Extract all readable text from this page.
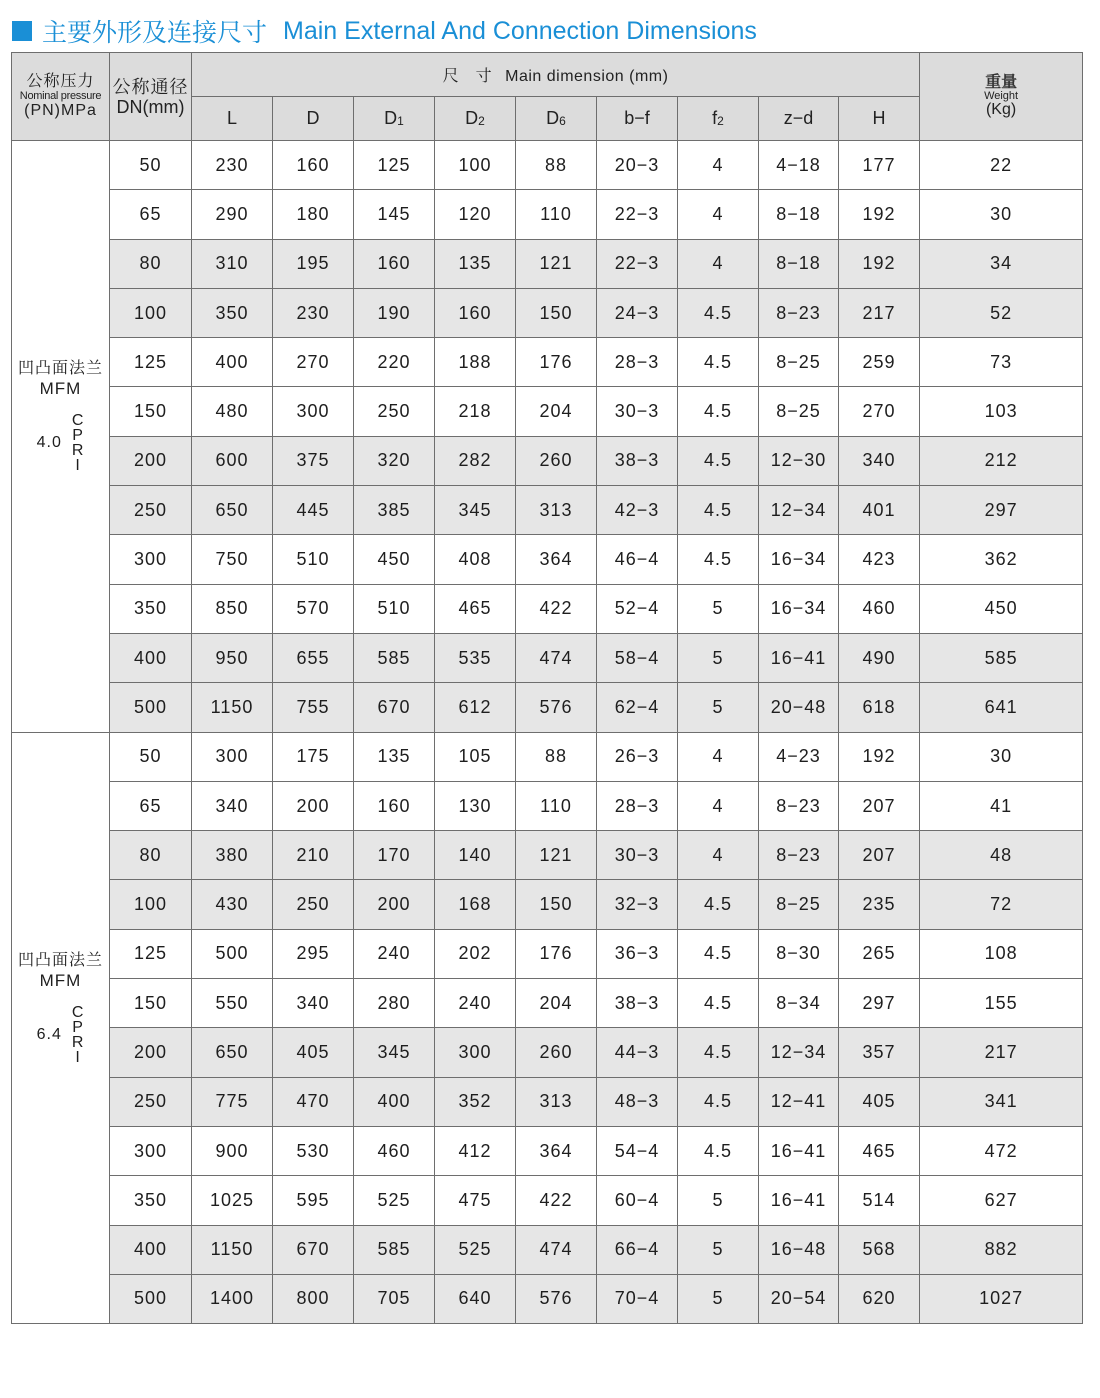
主要外形及连接尺寸 Main External And Connection Dimensions
公称压力
Nominal pressure
(PN)MPa	公称通径
DN(mm)	尺　寸 Main dimension (mm)									重量
Weight
(Kg)

		L	D	$D_1$	$D_2$	$D_6$	b−f	$f_2$	z−d	H	

凹凸面法兰
MFM
4.0
C
P
R
I
	50	230	160	125	100	88	20−3	4	4−18	177	22
	65	290	180	145	120	110	22−3	4	8−18	192	30
	80	310	195	160	135	121	22−3	4	8−18	192	34
	100	350	230	190	160	150	24−3	4.5	8−23	217	52
	125	400	270	220	188	176	28−3	4.5	8−25	259	73
	150	480	300	250	218	204	30−3	4.5	8−25	270	103
	200	600	375	320	282	260	38−3	4.5	12−30	340	212
	250	650	445	385	345	313	42−3	4.5	12−34	401	297
	300	750	510	450	408	364	46−4	4.5	16−34	423	362
	350	850	570	510	465	422	52−4	5	16−34	460	450
	400	950	655	585	535	474	58−4	5	16−41	490	585
	500	1150	755	670	612	576	62−4	5	20−48	618	641

凹凸面法兰
MFM
6.4
C
P
R
I
	50	300	175	135	105	88	26−3	4	4−23	192	30
	65	340	200	160	130	110	28−3	4	8−23	207	41
	80	380	210	170	140	121	30−3	4	8−23	207	48
	100	430	250	200	168	150	32−3	4.5	8−25	235	72
	125	500	295	240	202	176	36−3	4.5	8−30	265	108
	150	550	340	280	240	204	38−3	4.5	8−34	297	155
	200	650	405	345	300	260	44−3	4.5	12−34	357	217
	250	775	470	400	352	313	48−3	4.5	12−41	405	341
	300	900	530	460	412	364	54−4	4.5	16−41	465	472
	350	1025	595	525	475	422	60−4	5	16−41	514	627
	400	1150	670	585	525	474	66−4	5	16−48	568	882
	500	1400	800	705	640	576	70−4	5	20−54	620	1027
